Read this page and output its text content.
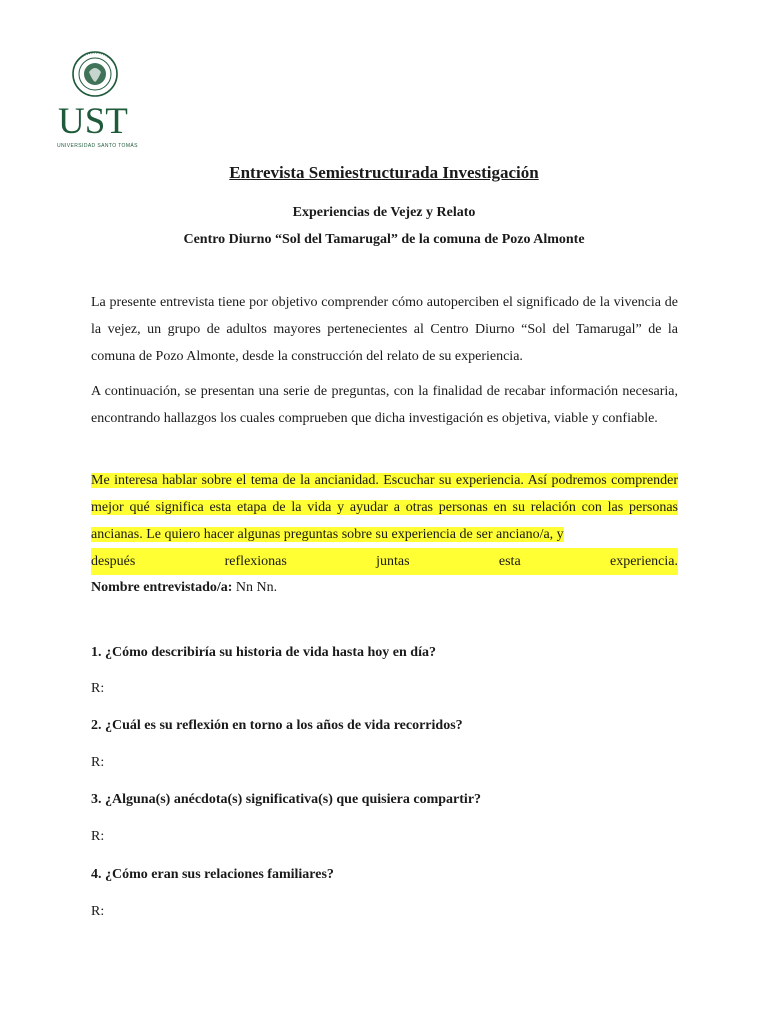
UST
UNIVERSIDAD SANTO TOMÁS
Entrevista Semiestructurada Investigación
Experiencias de Vejez y Relato
Centro Diurno “Sol del Tamarugal” de la comuna de Pozo Almonte

La presente entrevista tiene por objetivo comprender cómo autoperciben el significado de la vivencia de la vejez, un grupo de adultos mayores pertenecientes al Centro Diurno “Sol del Tamarugal” de la comuna de Pozo Almonte, desde la construcción del relato de su experiencia.

A continuación, se presentan una serie de preguntas, con la finalidad de recabar información necesaria, encontrando hallazgos los cuales comprueben que dicha investigación es objetiva, viable y confiable.

Me interesa hablar sobre el tema de la ancianidad. Escuchar su experiencia. Así podremos comprender mejor qué significa esta etapa de la vida y ayudar a otras personas en su relación con las personas ancianas. Le quiero hacer algunas preguntas sobre su experiencia de ser anciano/a, y
después reflexionas juntas esta experiencia.

Nombre entrevistado/a: Nn Nn.
1. ¿Cómo describiría su historia de vida hasta hoy en día?
R:
2. ¿Cuál es su reflexión en torno a los años de vida recorridos?
R:
3. ¿Alguna(s) anécdota(s) significativa(s) que quisiera compartir?
R:
4. ¿Cómo eran sus relaciones familiares?
R:
